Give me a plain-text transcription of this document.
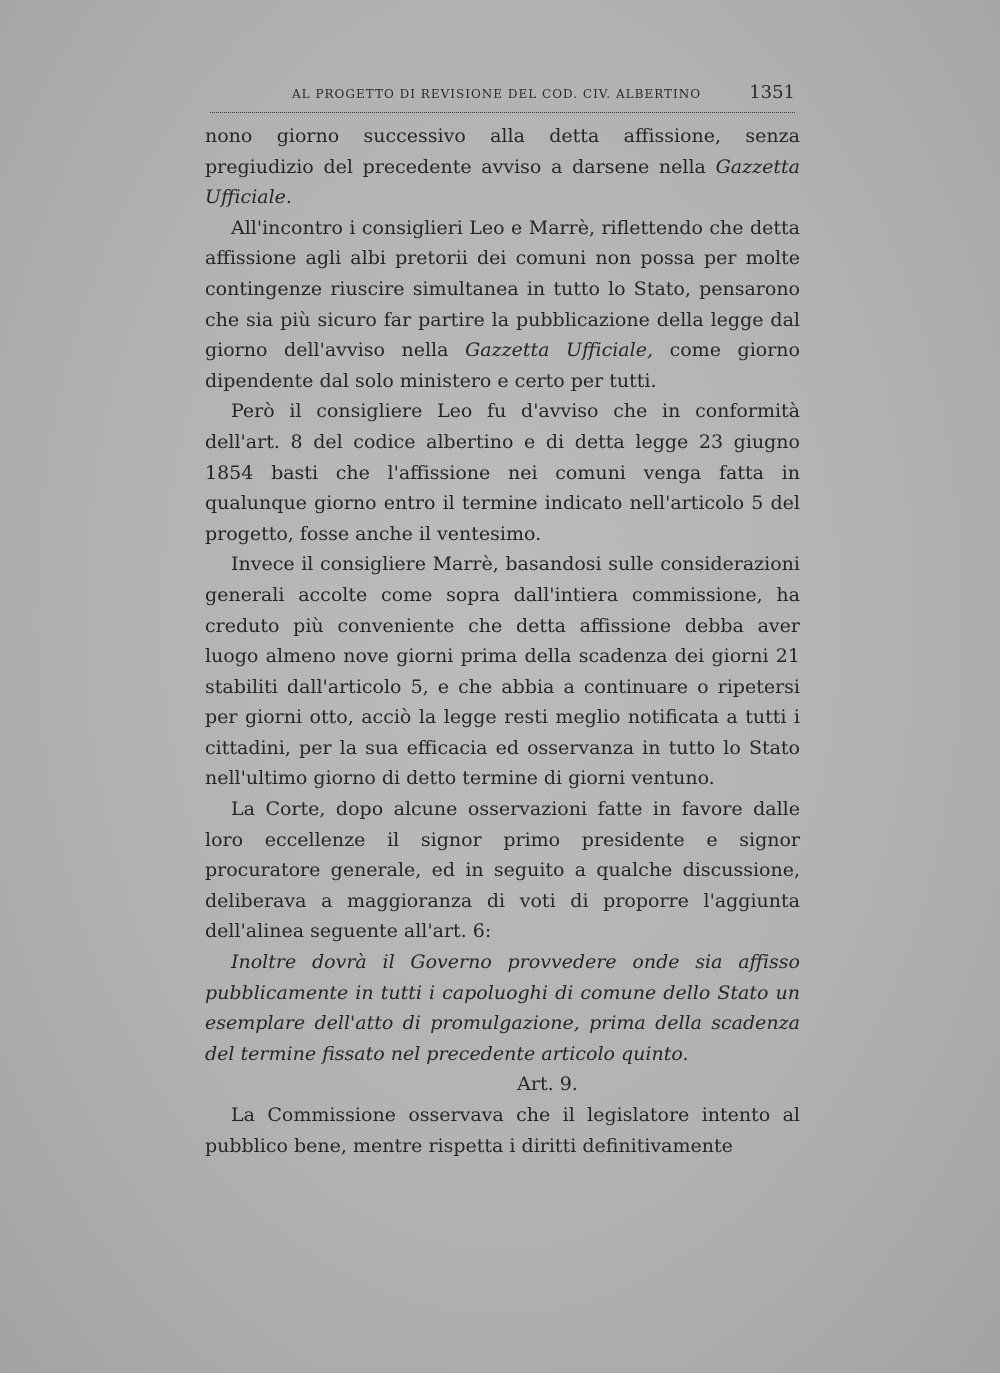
AL PROGETTO DI REVISIONE DEL COD. CIV. ALBERTINO	1351

nono giorno successivo alla detta affissione, senza pregiudizio del precedente avviso a darsene nella Gazzetta Ufficiale.

All'incontro i consiglieri Leo e Marrè, riflettendo che detta affissione agli albi pretorii dei comuni non possa per molte contingenze riuscire simultanea in tutto lo Stato, pensarono che sia più sicuro far partire la pubblicazione della legge dal giorno dell'avviso nella Gazzetta Ufficiale, come giorno dipendente dal solo ministero e certo per tutti.

Però il consigliere Leo fu d'avviso che in conformità dell'art. 8 del codice albertino e di detta legge 23 giugno 1854 basti che l'affissione nei comuni venga fatta in qualunque giorno entro il termine indicato nell'articolo 5 del progetto, fosse anche il ventesimo.

Invece il consigliere Marrè, basandosi sulle considerazioni generali accolte come sopra dall'intiera commissione, ha creduto più conveniente che detta affissione debba aver luogo almeno nove giorni prima della scadenza dei giorni 21 stabiliti dall'articolo 5, e che abbia a continuare o ripetersi per giorni otto, acciò la legge resti meglio notificata a tutti i cittadini, per la sua efficacia ed osservanza in tutto lo Stato nell'ultimo giorno di detto termine di giorni ventuno.

La Corte, dopo alcune osservazioni fatte in favore dalle loro eccellenze il signor primo presidente e signor procuratore generale, ed in seguito a qualche discussione, deliberava a maggioranza di voti di proporre l'aggiunta dell'alinea seguente all'art. 6:

Inoltre dovrà il Governo provvedere onde sia affisso pubblicamente in tutti i capoluoghi di comune dello Stato un esemplare dell'atto di promulgazione, prima della scadenza del termine fissato nel precedente articolo quinto.

Art. 9.

La Commissione osservava che il legislatore intento al pubblico bene, mentre rispetta i diritti definitivamente
